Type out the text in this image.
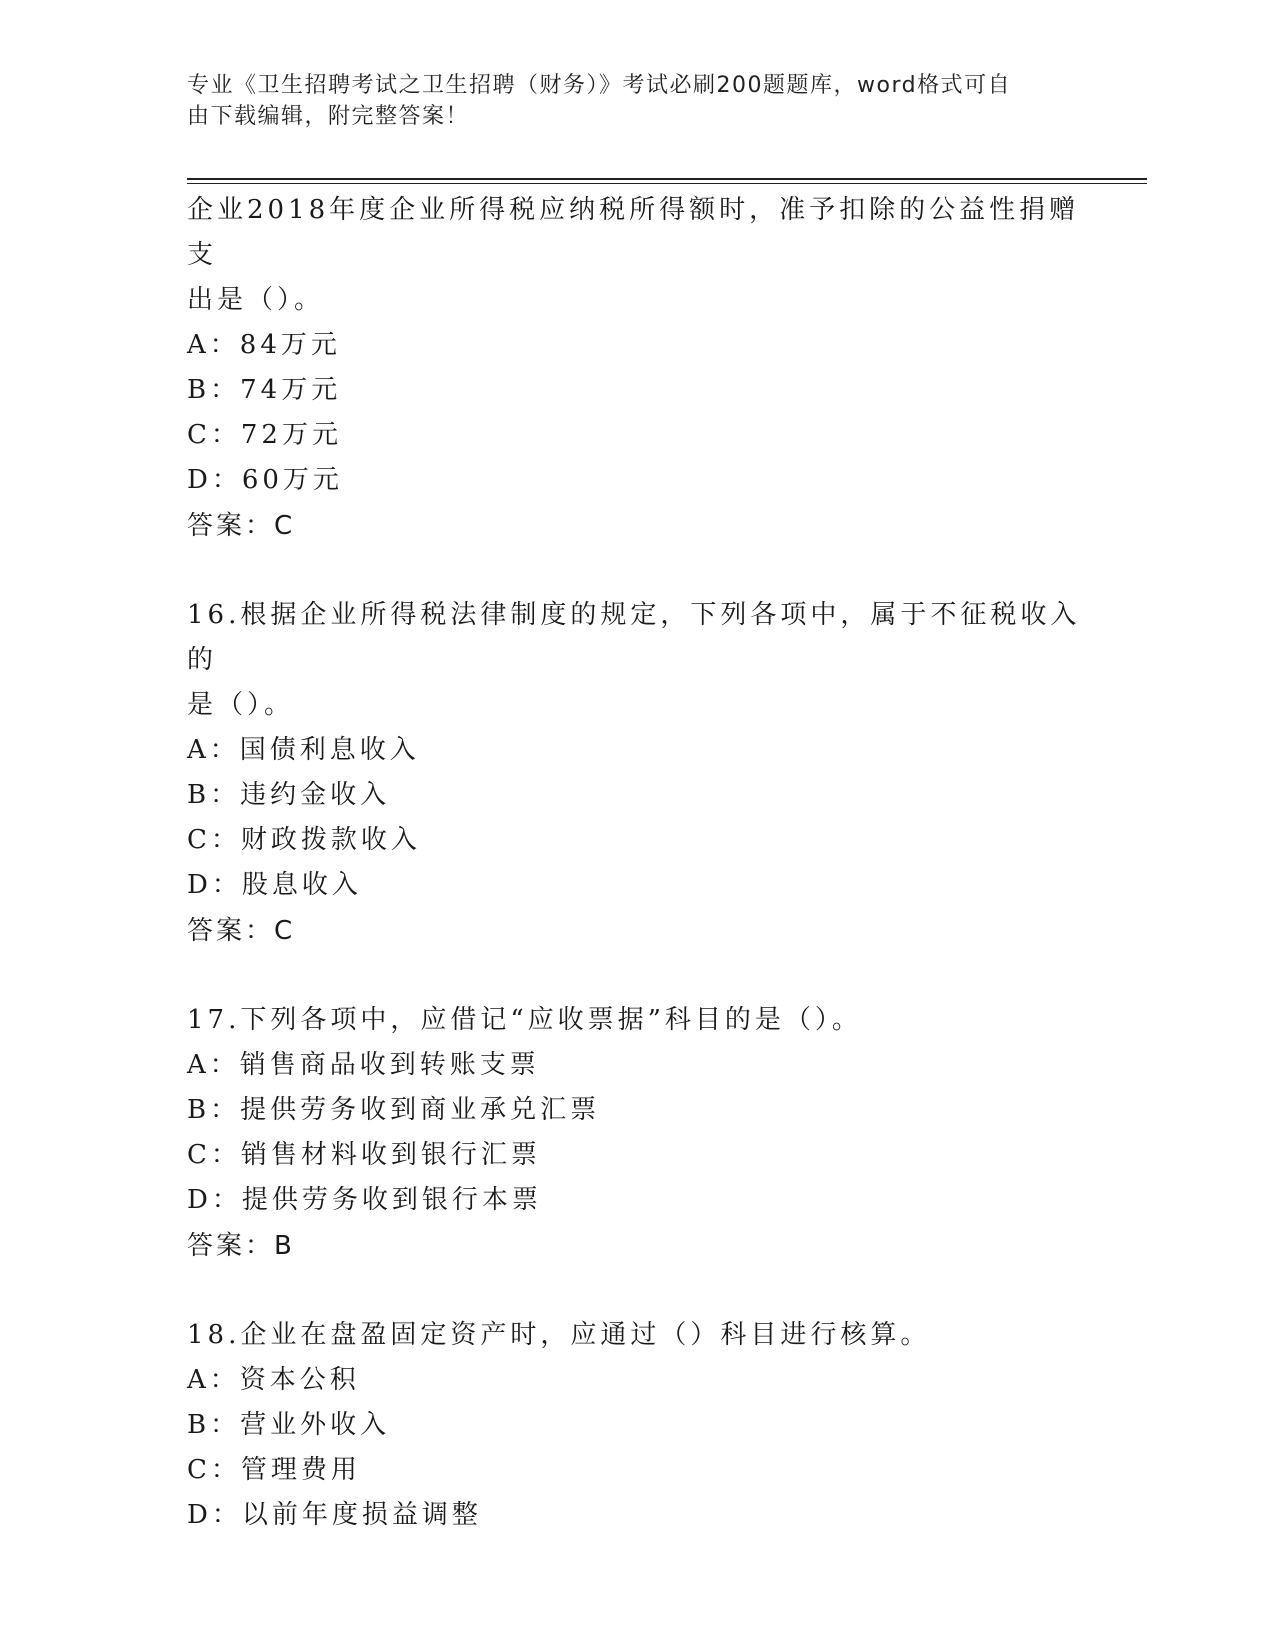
专业《卫生招聘考试之卫生招聘（财务）》考试必刷200题题库，word格式可自
由下载编辑，附完整答案！

企业2018年度企业所得税应纳税所得额时，准予扣除的公益性捐赠支

出是（）。

A：84万元

B：74万元

C：72万元

D：60万元

答案：C

16.根据企业所得税法律制度的规定，下列各项中，属于不征税收入的

是（）。

A：国债利息收入

B：违约金收入

C：财政拨款收入

D：股息收入

答案：C

17.下列各项中，应借记“应收票据”科目的是（）。

A：销售商品收到转账支票

B：提供劳务收到商业承兑汇票

C：销售材料收到银行汇票

D：提供劳务收到银行本票

答案：B

18.企业在盘盈固定资产时，应通过（）科目进行核算。

A：资本公积

B：营业外收入

C：管理费用

D：以前年度损益调整
